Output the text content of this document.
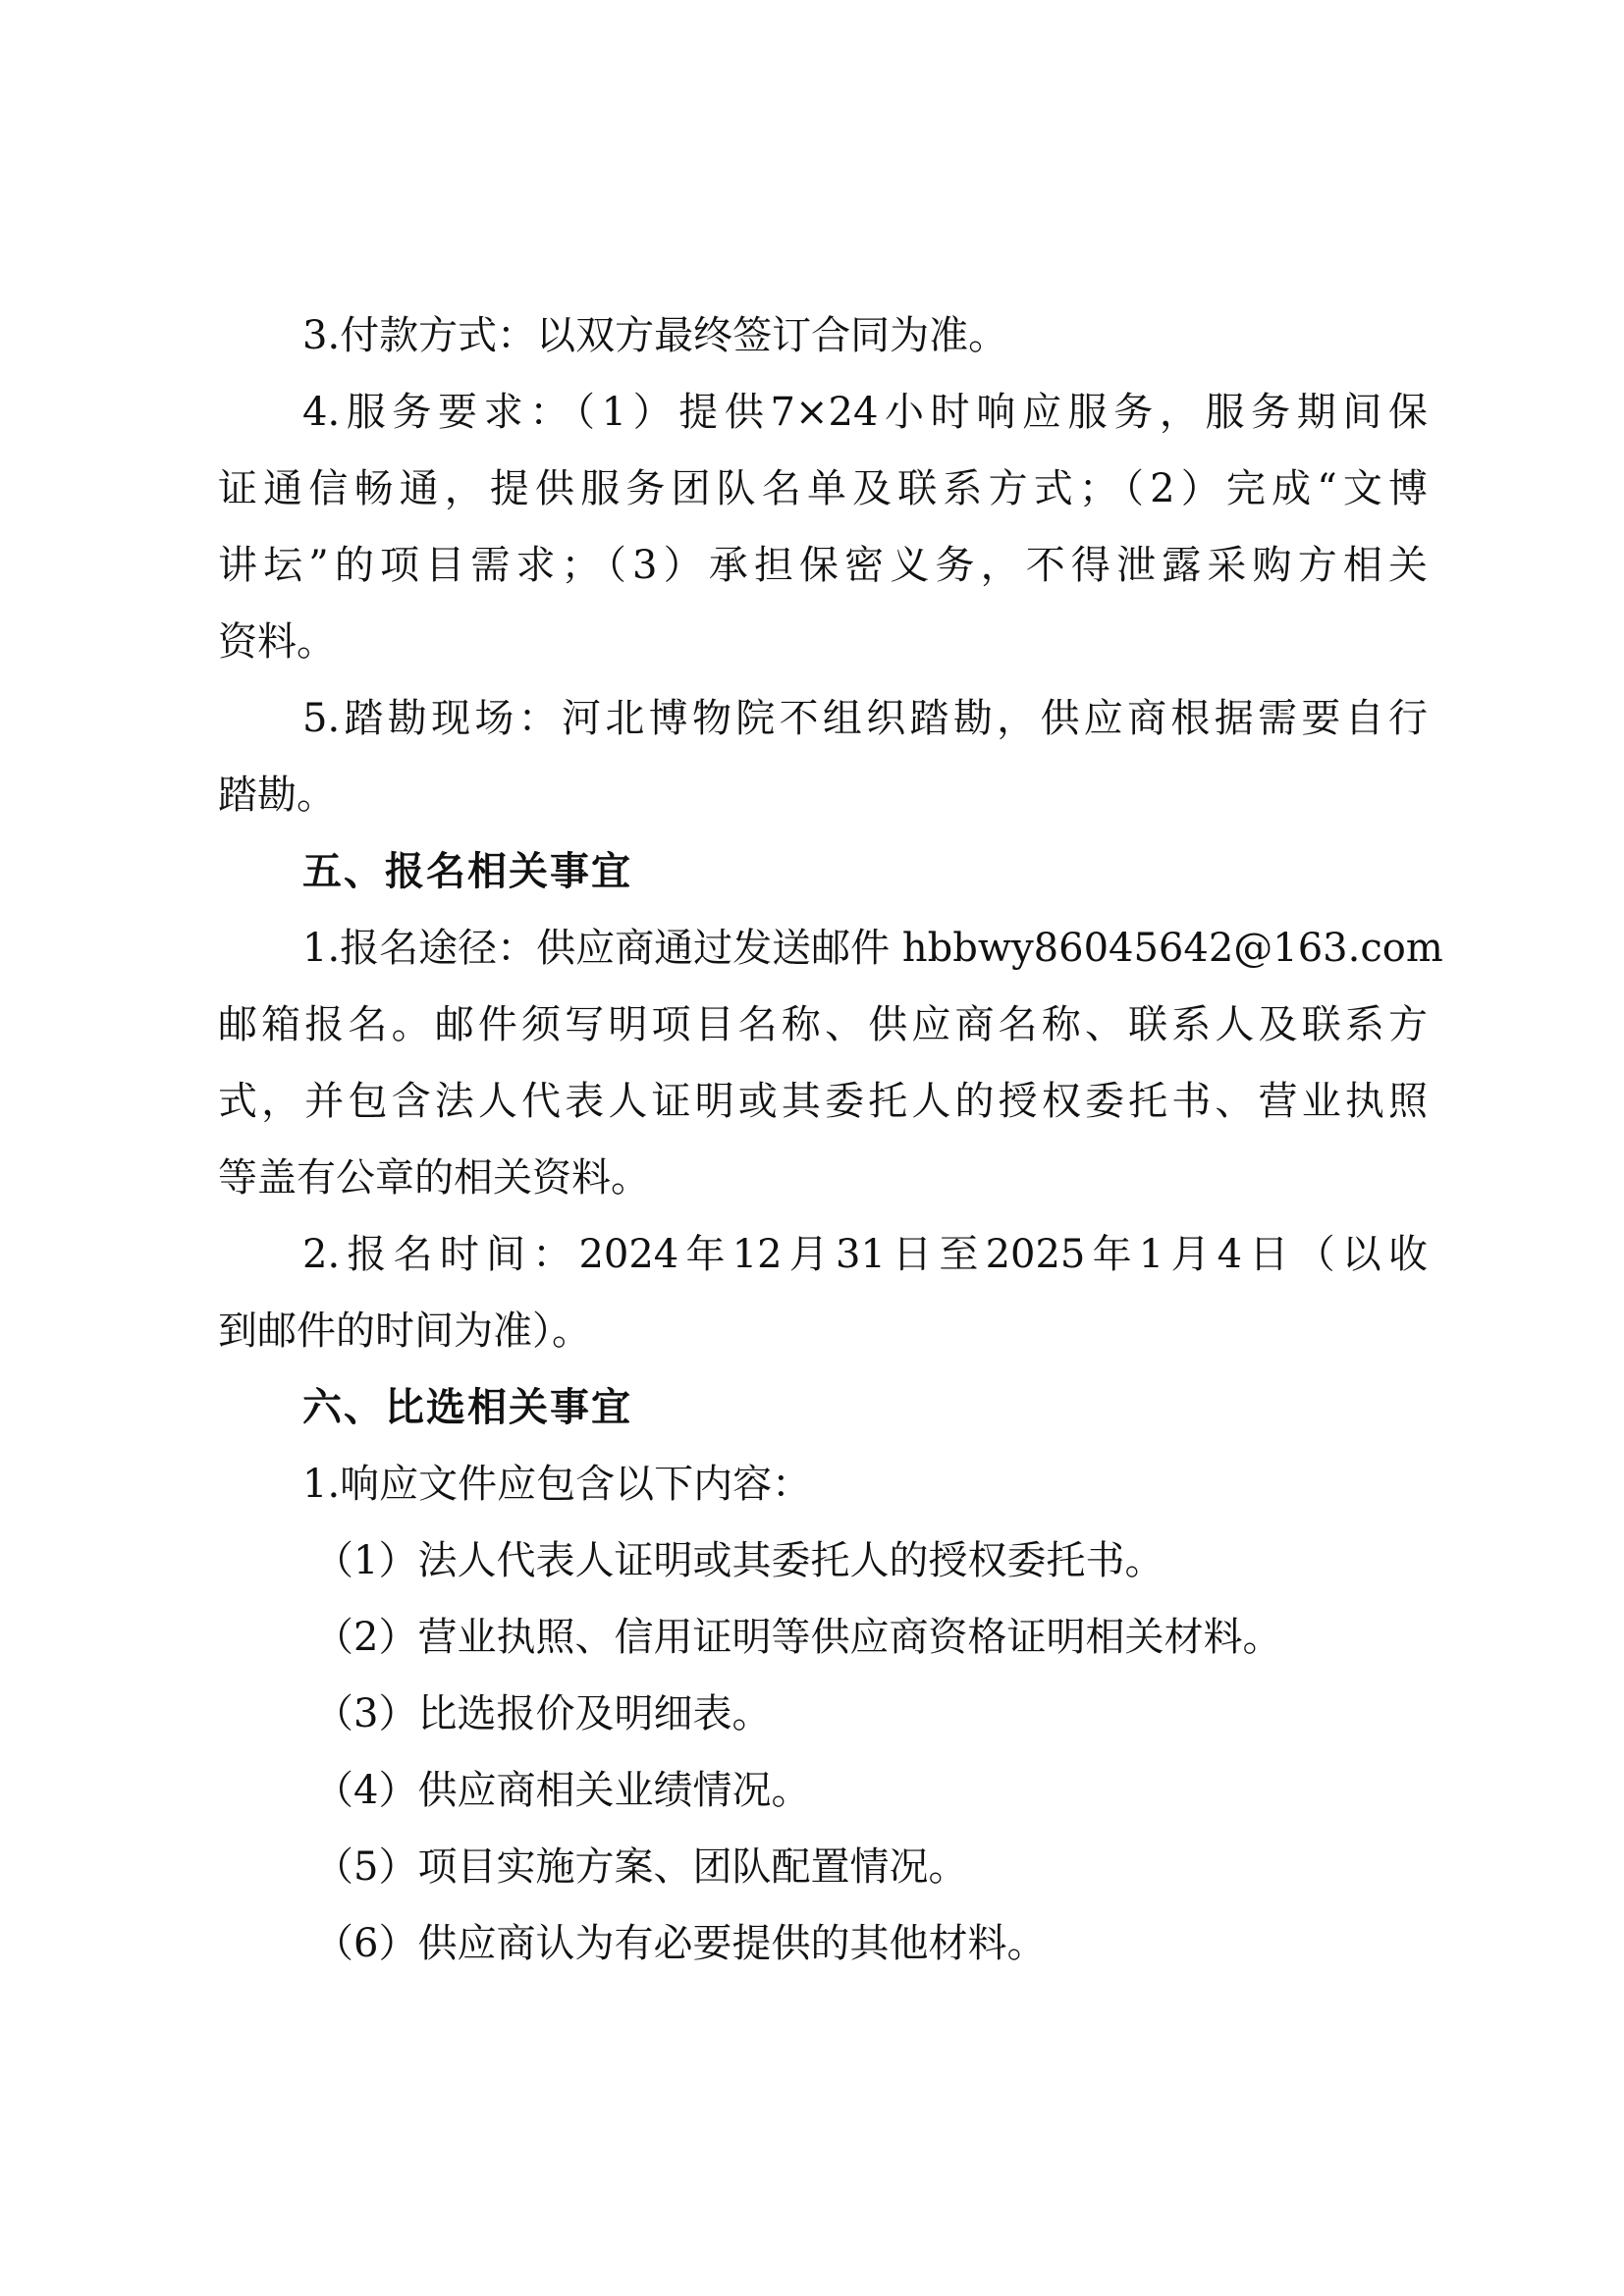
3.付款方式：以双方最终签订合同为准。
4.服务要求：（1）提供7×24小时响应服务，服务期间保
证通信畅通，提供服务团队名单及联系方式；（2）完成“文博
讲坛”的项目需求；（3）承担保密义务，不得泄露采购方相关
资料。
5.踏勘现场：河北博物院不组织踏勘，供应商根据需要自行
踏勘。
五、报名相关事宜
1.报名途径：供应商通过发送邮件 hbbwy86045642@163.com
邮箱报名。邮件须写明项目名称、供应商名称、联系人及联系方
式，并包含法人代表人证明或其委托人的授权委托书、营业执照
等盖有公章的相关资料。
2.报名时间：2024年12月31日至2025年1月4日（以收
到邮件的时间为准）。
六、比选相关事宜
1.响应文件应包含以下内容：
（1）法人代表人证明或其委托人的授权委托书。
（2）营业执照、信用证明等供应商资格证明相关材料。
（3）比选报价及明细表。
（4）供应商相关业绩情况。
（5）项目实施方案、团队配置情况。
（6）供应商认为有必要提供的其他材料。
